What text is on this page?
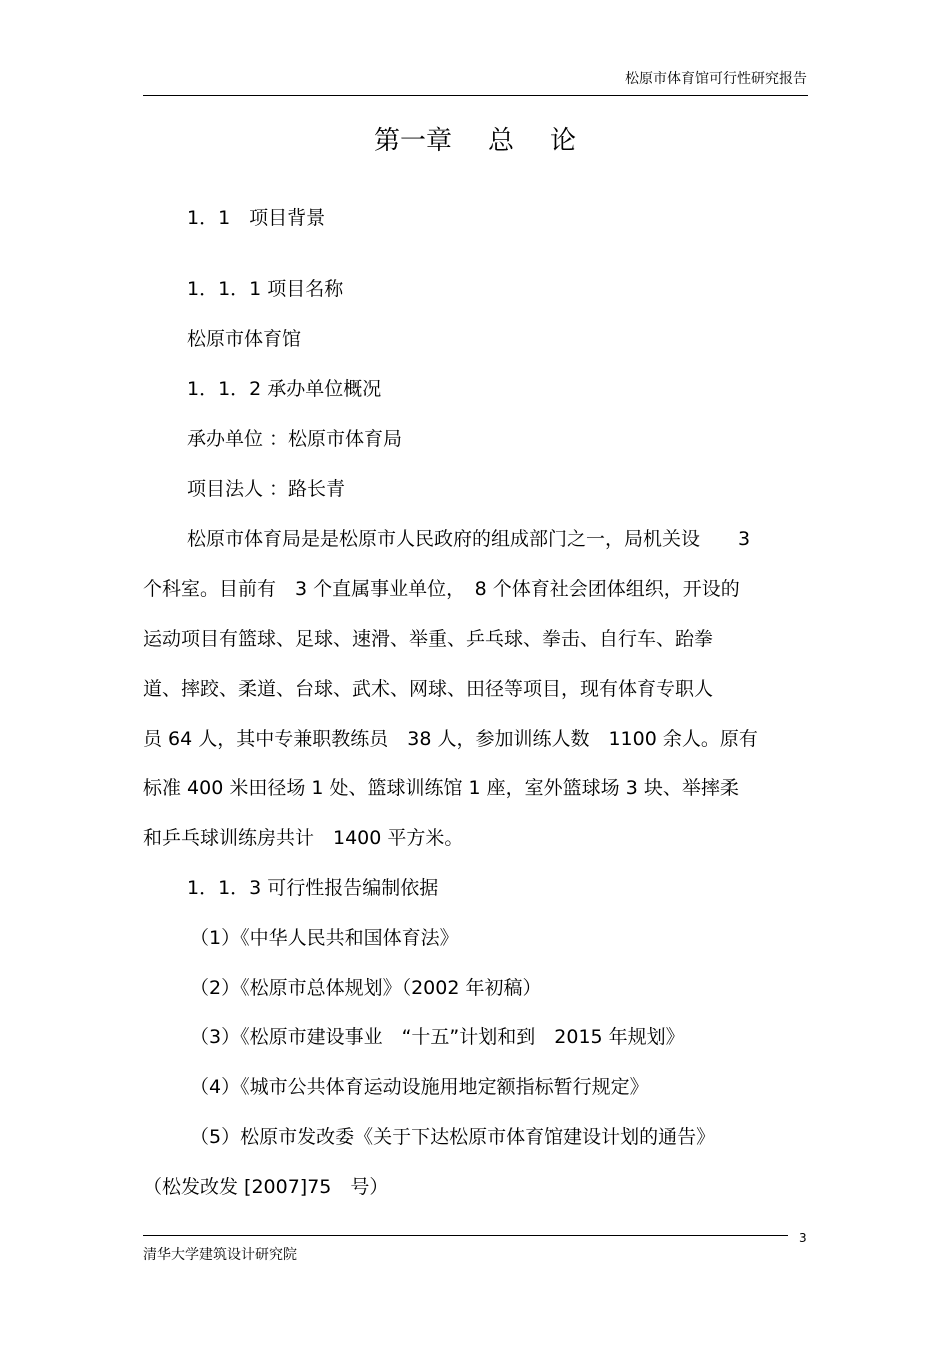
松原市体育馆可行性研究报告
第一章 总 论
1．1　项目背景
1．1．1 项目名称
松原市体育馆
1．1．2 承办单位概况
承办单位 ：松原市体育局
项目法人 ：路长青
松原市体育局是是松原市人民政府的组成部门之一，局机关设　　3
个科室。目前有　3 个直属事业单位，　8 个体育社会团体组织，开设的
运动项目有篮球、足球、速滑、举重、乒乓球、拳击、自行车、跆拳
道、摔跤、柔道、台球、武术、网球、田径等项目，现有体育专职人
员 64 人，其中专兼职教练员　38 人，参加训练人数　1100 余人。原有
标准 400 米田径场 1 处、篮球训练馆 1 座，室外篮球场 3 块、举摔柔
和乒乓球训练房共计　1400 平方米。
1．1．3 可行性报告编制依据
（1）《中华人民共和国体育法》
（2）《松原市总体规划》（2002 年初稿）
（3）《松原市建设事业　“十五”计划和到　2015 年规划》
（4）《城市公共体育运动设施用地定额指标暂行规定》
（5）松原市发改委《关于下达松原市体育馆建设计划的通告》
（松发改发 [2007]75　号）
3
清华大学建筑设计研究院
